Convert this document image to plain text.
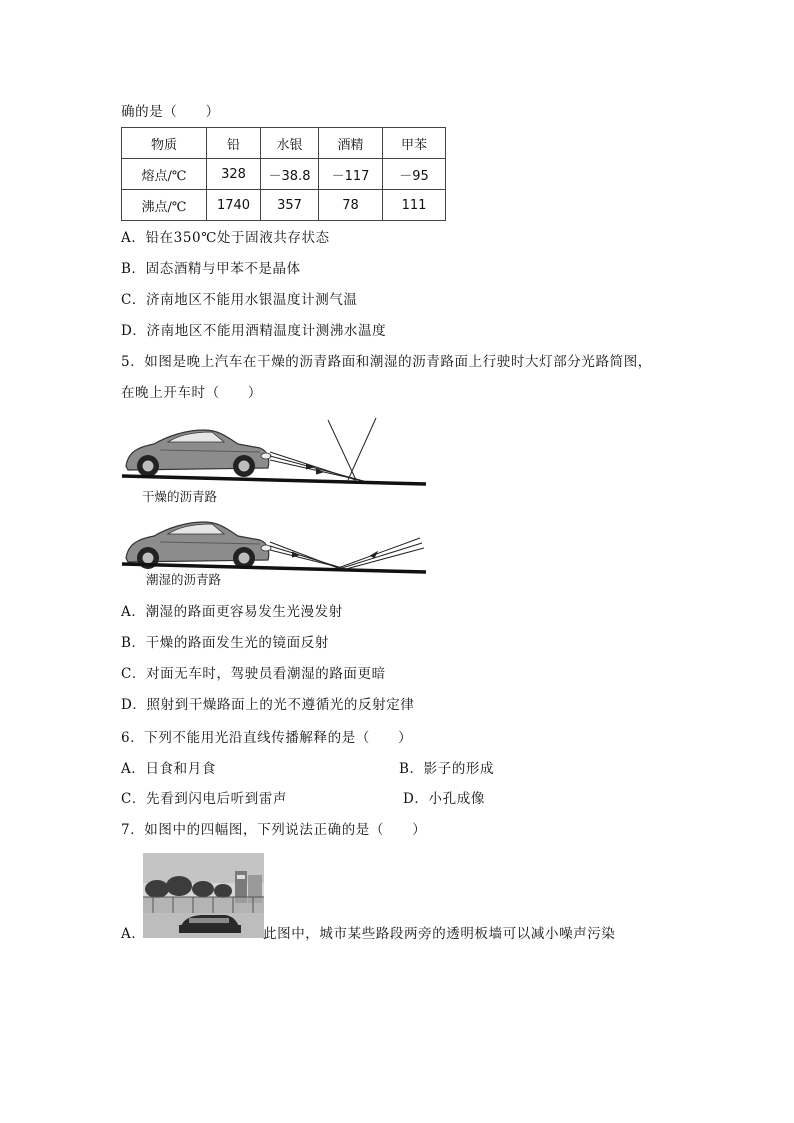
确的是（　　）
物质	铅	水银	酒精	甲苯
熔点/℃	328	－38.8	－117	－95
沸点/℃	1740	357	78	111
A．铅在350℃处于固液共存状态
B．固态酒精与甲苯不是晶体
C．济南地区不能用水银温度计测气温
D．济南地区不能用酒精温度计测沸水温度
5．如图是晚上汽车在干燥的沥青路面和潮湿的沥青路面上行驶时大灯部分光路简图，
在晚上开车时（　　）
干燥的沥青路
潮湿的沥青路
A．潮湿的路面更容易发生光漫发射
B．干燥的路面发生光的镜面反射
C．对面无车时，驾驶员看潮湿的路面更暗
D．照射到干燥路面上的光不遵循光的反射定律
6．下列不能用光沿直线传播解释的是（　　）
A．日食和月食	B．影子的形成
C．先看到闪电后听到雷声	D．小孔成像
7．如图中的四幅图，下列说法正确的是（　　）
A．	此图中，城市某些路段两旁的透明板墙可以减小噪声污染
